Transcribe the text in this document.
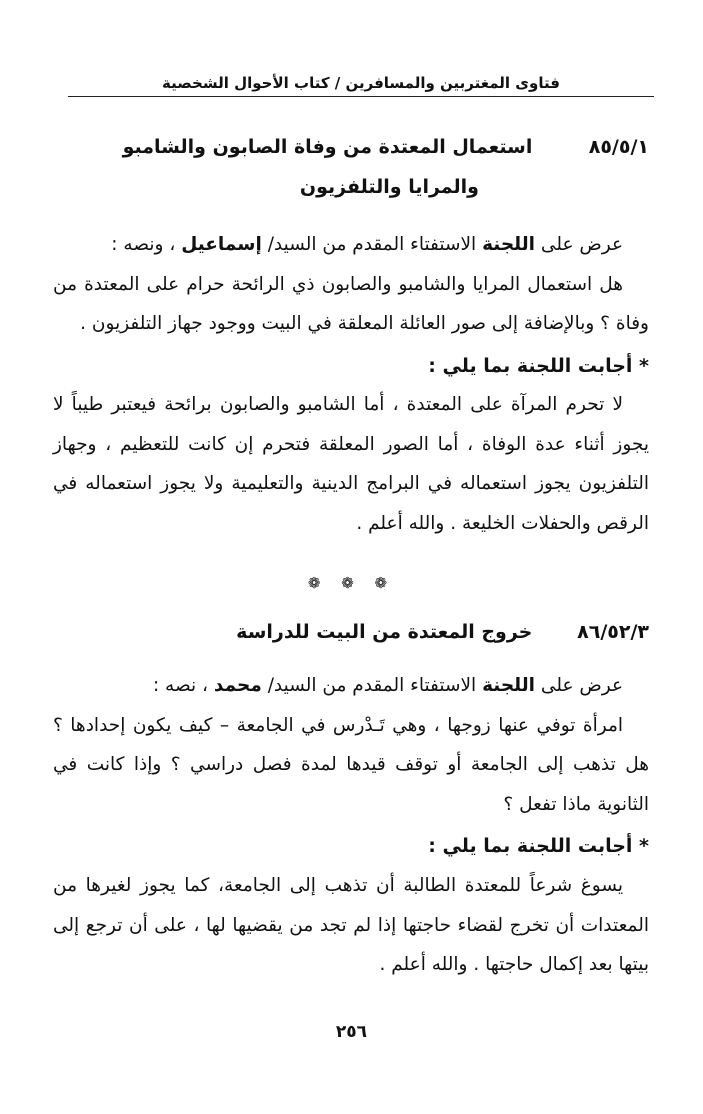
فتاوى المغتربين والمسافرين / كتاب الأحوال الشخصية
٨٥/٥/١ استعمال المعتدة من وفاة الصابون والشامبو
والمرايا والتلفزيون

عرض على اللجنة الاستفتاء المقدم من السيد/ إسماعيل ، ونصه :

هل استعمال المرايا والشامبو والصابون ذي الرائحة حرام على المعتدة من وفاة ؟ وبالإضافة إلى صور العائلة المعلقة في البيت ووجود جهاز التلفزيون .

* أجابت اللجنة بما يلي :

لا تحرم المرآة على المعتدة ، أما الشامبو والصابون برائحة فيعتبر طيباً لا يجوز أثناء عدة الوفاة ، أما الصور المعلقة فتحرم إن كانت للتعظيم ، وجهاز التلفزيون يجوز استعماله في البرامج الدينية والتعليمية ولا يجوز استعماله في الرقص والحفلات الخليعة . والله أعلم .

❁ ❁ ❁
٨٦/٥٢/٣ خروج المعتدة من البيت للدراسة

عرض على اللجنة الاستفتاء المقدم من السيد/ محمد ، نصه :

امرأة توفي عنها زوجها ، وهي تَـدْرس في الجامعة – كيف يكون إحدادها ؟ هل تذهب إلى الجامعة أو توقف قيدها لمدة فصل دراسي ؟ وإذا كانت في الثانوية ماذا تفعل ؟

* أجابت اللجنة بما يلي :

يسوغ شرعاً للمعتدة الطالبة أن تذهب إلى الجامعة، كما يجوز لغيرها من المعتدات أن تخرج لقضاء حاجتها إذا لم تجد من يقضيها لها ، على أن ترجع إلى بيتها بعد إكمال حاجتها . والله أعلم .

٢٥٦
